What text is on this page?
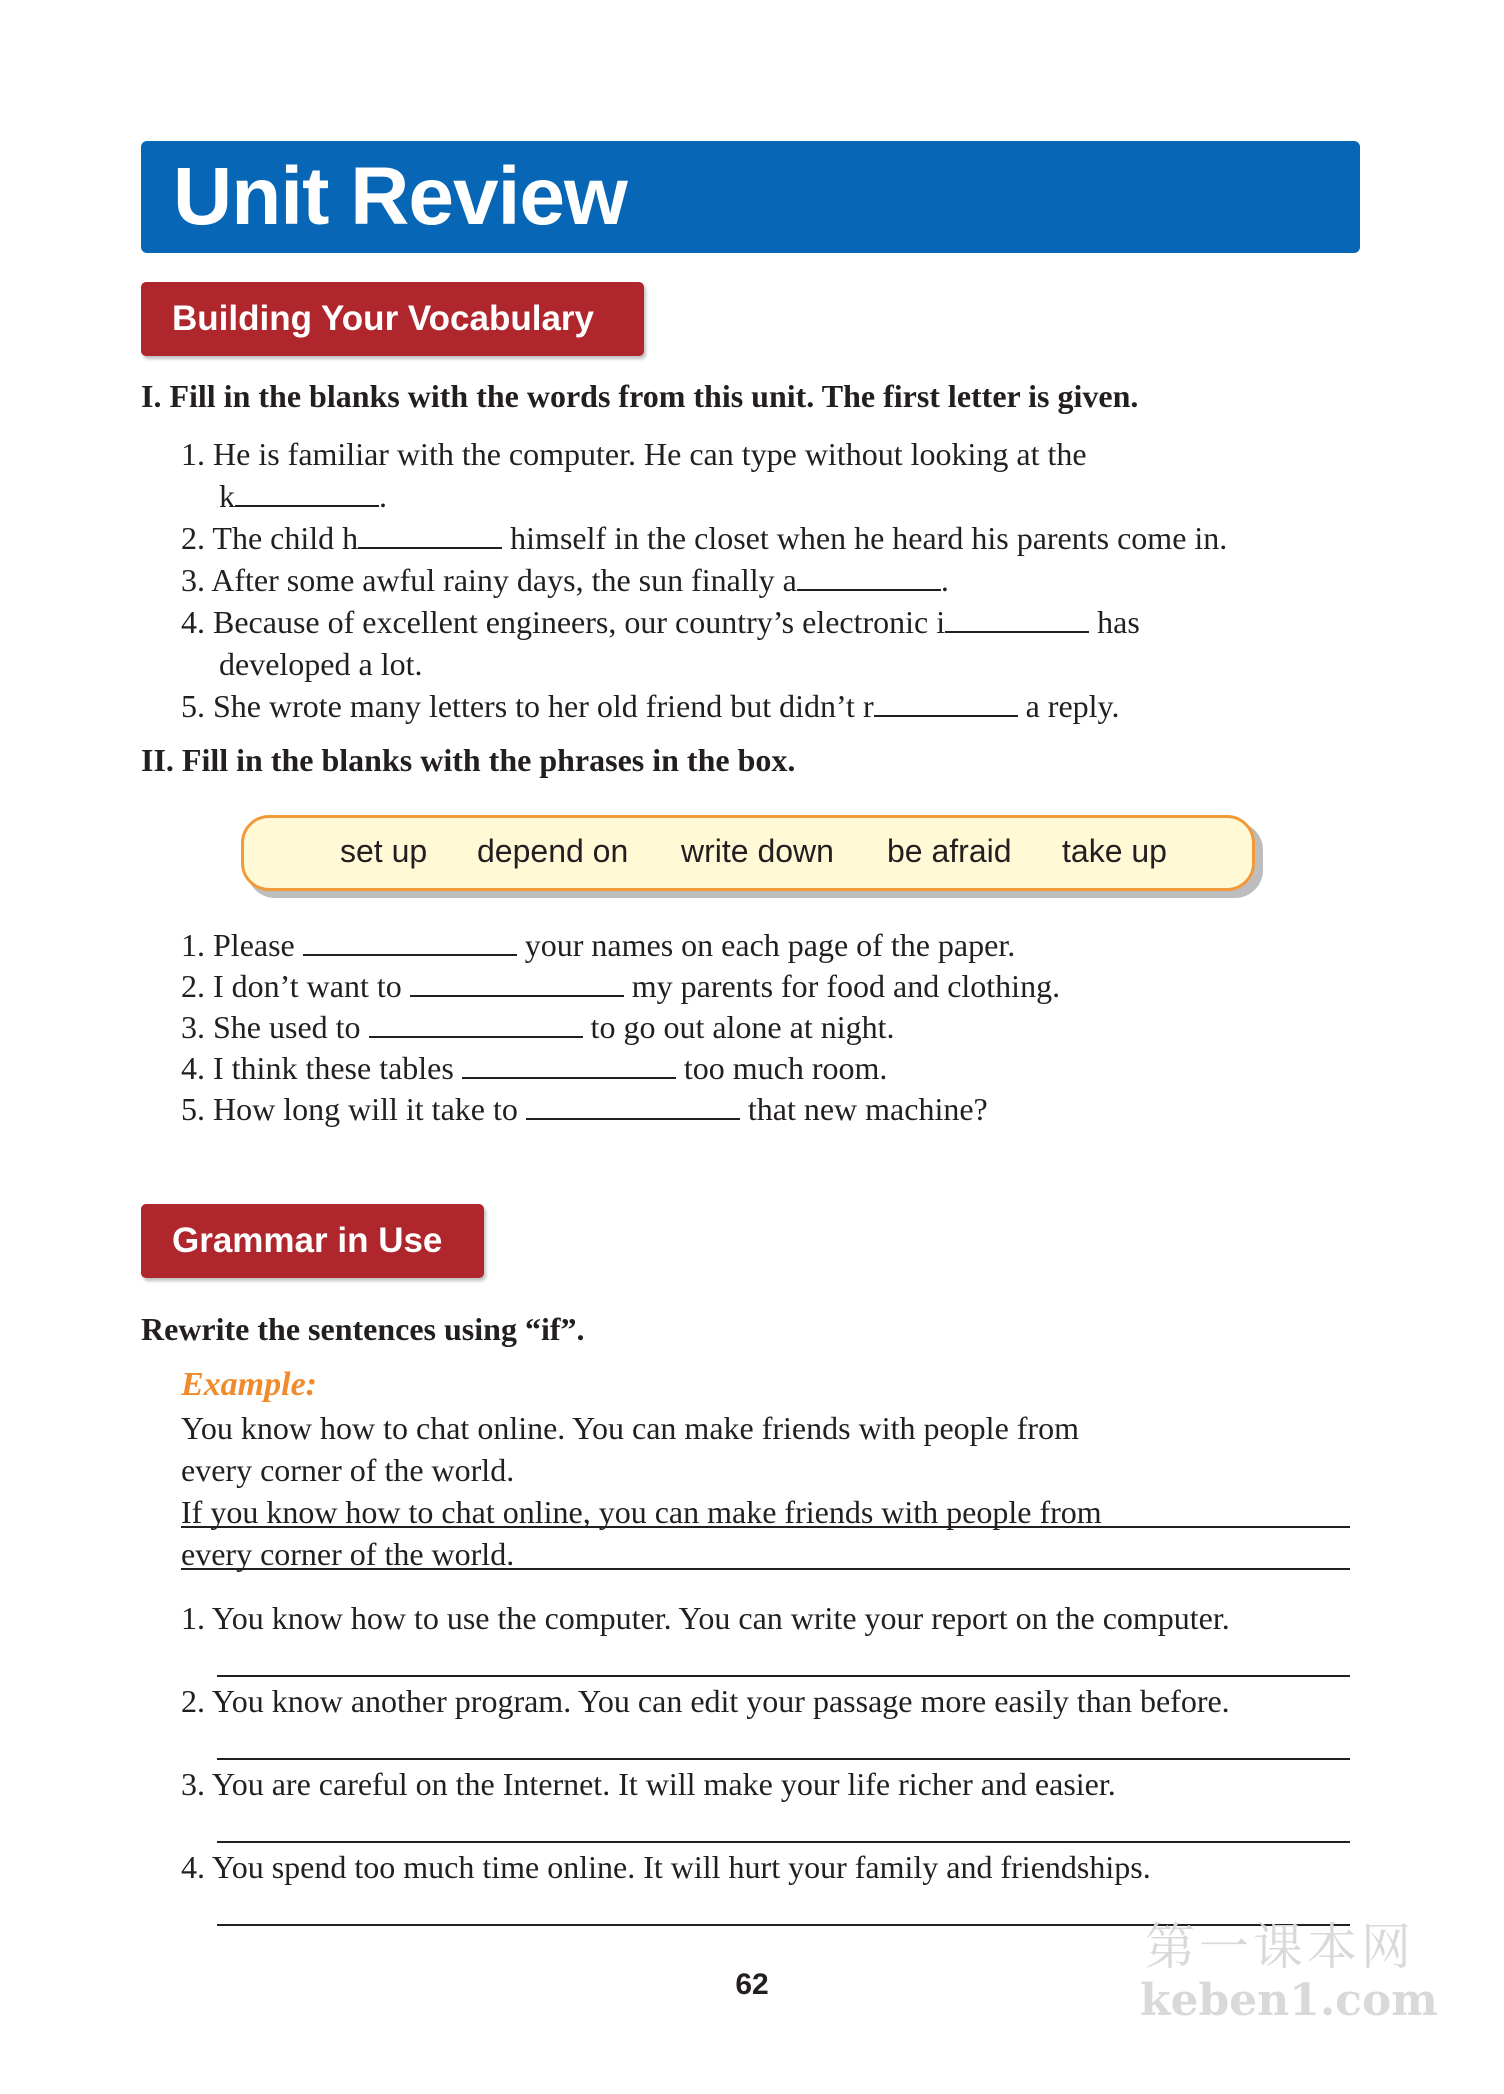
Unit Review
Building Your Vocabulary
I. Fill in the blanks with the words from this unit. The first letter is given.
1. He is familiar with the computer. He can type without looking at the
k	.
2. The child h	himself in the closet when he heard his parents come in.
3. After some awful rainy days, the sun finally a	.
4. Because of excellent engineers, our country’s electronic i	has
developed a lot.
5. She wrote many letters to her old friend but didn’t r	a reply.
II. Fill in the blanks with the phrases in the box.
set up depend on write down be afraid take up
1. Please	your names on each page of the paper.
2. I don’t want to	my parents for food and clothing.
3. She used to	to go out alone at night.
4. I think these tables	too much room.
5. How long will it take to	that new machine?
Grammar in Use
Rewrite the sentences using “if”.
Example:
You know how to chat online. You can make friends with people from
every corner of the world.
If you know how to chat online, you can make friends with people from
every corner of the world.
1. You know how to use the computer. You can write your report on the computer.
2. You know another program. You can edit your passage more easily than before.
3. You are careful on the Internet. It will make your life richer and easier.
4. You spend too much time online. It will hurt your family and friendships.
62
第一课本网
keben1.com
